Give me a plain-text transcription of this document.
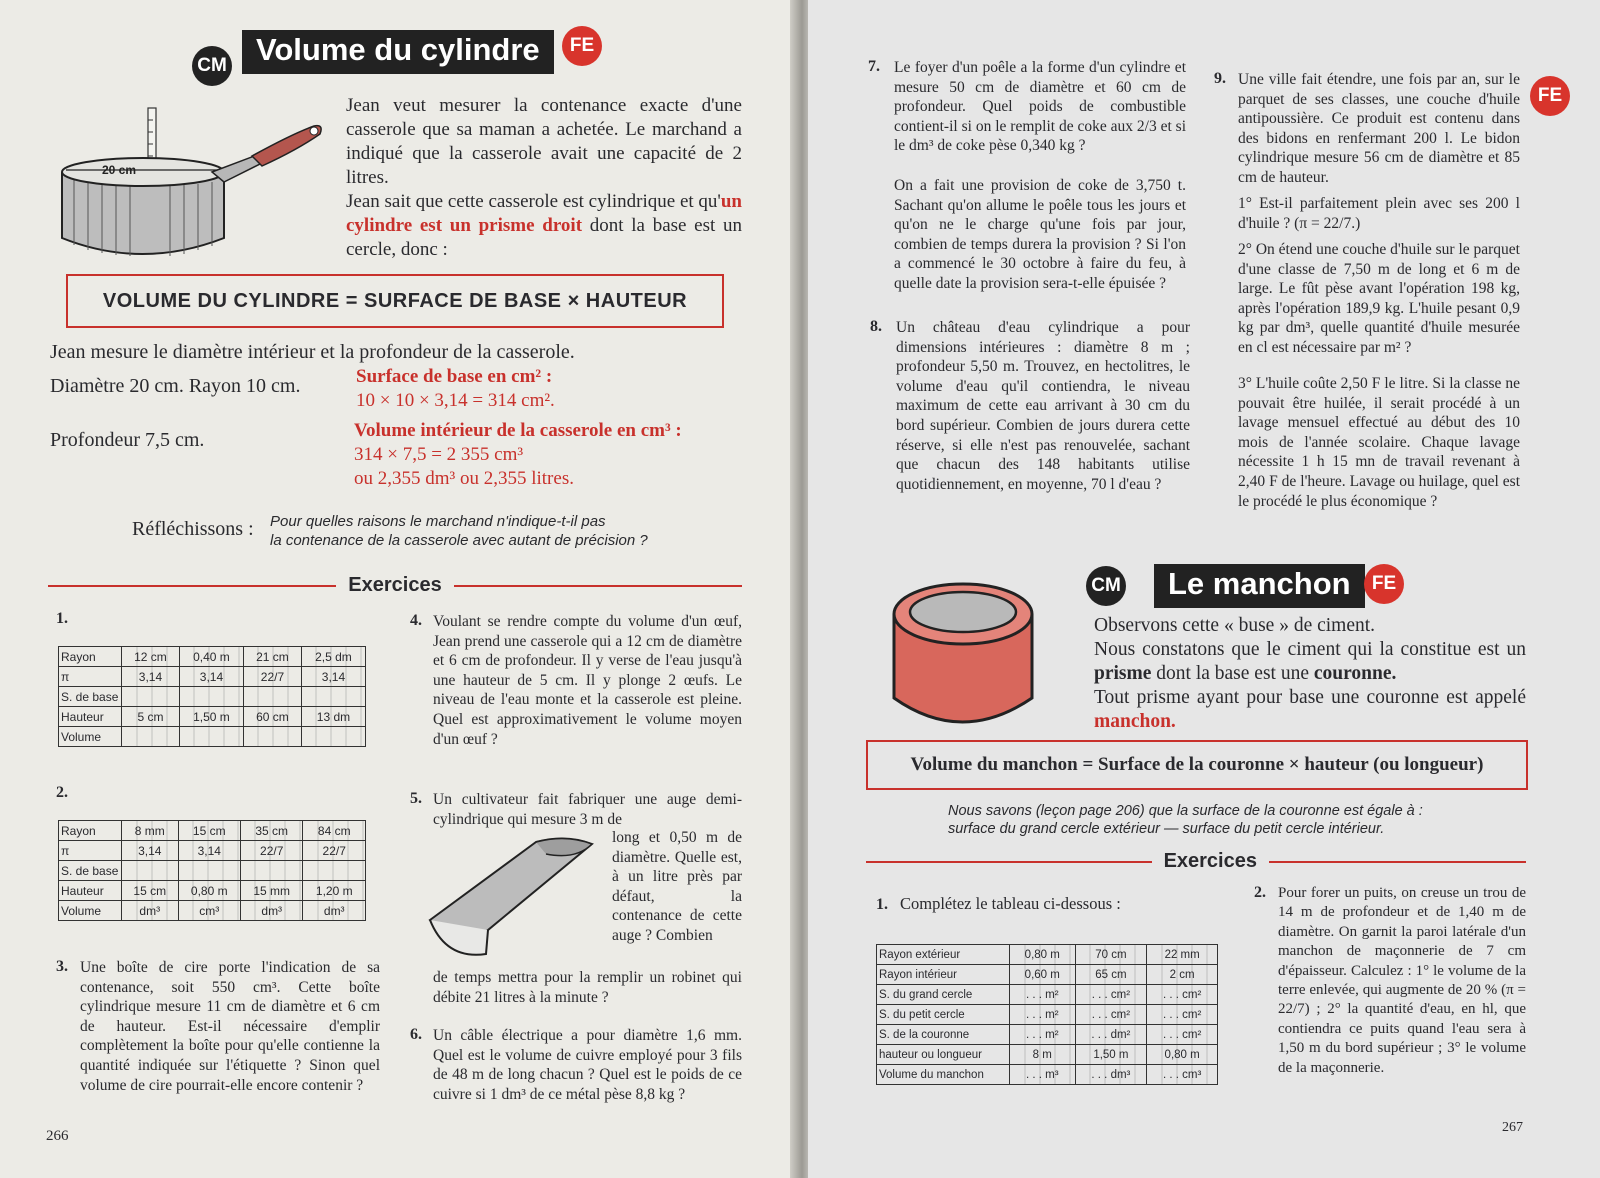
CM Volume du cylindre	FE
20 cm
Jean veut mesurer la contenance exacte d'une casserole que sa maman a achetée. Le marchand a indiqué que la casserole avait une capacité de 2 litres.
Jean sait que cette casserole est cylindrique et qu'un cylindre est un prisme droit dont la base est un cercle, donc :
VOLUME DU CYLINDRE = SURFACE DE BASE × HAUTEUR
Jean mesure le diamètre intérieur et la profondeur de la casserole.
Diamètre 20 cm. Rayon 10 cm.	Surface de base en cm² :
10 × 10 × 3,14 = 314 cm².
Profondeur 7,5 cm.	Volume intérieur de la casserole en cm³ :
314 × 7,5 = 2 355 cm³
ou 2,355 dm³ ou 2,355 litres.
Réfléchissons : Pour quelles raisons le marchand n'indique-t-il pas
la contenance de la casserole avec autant de précision ?
Exercices
1.
Rayon	12 cm	0,40 m	21 cm	2,5 dm
π	3,14	3,14	22/7	3,14
S. de base				
Hauteur	5 cm	1,50 m	60 cm	13 dm
Volume				
2.
Rayon	8 mm	15 cm	35 cm	84 cm
π	3,14	3,14	22/7	22/7
S. de base				
Hauteur	15 cm	0,80 m	15 mm	1,20 m
Volume	dm³	cm³	dm³	dm³
3. Une boîte de cire porte l'indication de sa contenance, soit 550 cm³. Cette boîte cylindrique mesure 11 cm de diamètre et 6 cm de hauteur. Est-il nécessaire d'emplir complètement la boîte pour qu'elle contienne la quantité indiquée sur l'étiquette ? Sinon quel volume de cire pourrait-elle encore contenir ?
4. Voulant se rendre compte du volume d'un œuf, Jean prend une casserole qui a 12 cm de diamètre et 6 cm de profondeur. Il y verse de l'eau jusqu'à une hauteur de 5 cm. Il y plonge 2 œufs. Le niveau de l'eau monte et la casserole est pleine. Quel est approximativement le volume moyen d'un œuf ?
5. Un cultivateur fait fabriquer une auge demi-cylindrique qui mesure 3 m de
long et 0,50 m de diamètre. Quelle est, à un litre près par défaut, la contenance de cette auge ? Combien
de temps mettra pour la remplir un robinet qui débite 21 litres à la minute ?
6. Un câble électrique a pour diamètre 1,6 mm. Quel est le volume de cuivre employé pour 3 fils de 48 m de long chacun ? Quel est le poids de ce cuivre si 1 dm³ de ce métal pèse 8,8 kg ?
266
7. Le foyer d'un poêle a la forme d'un cylindre et mesure 50 cm de diamètre et 60 cm de profondeur. Quel poids de combustible contient-il si on le remplit de coke aux 2/3 et si le dm³ de coke pèse 0,340 kg ?
On a fait une provision de coke de 3,750 t. Sachant qu'on allume le poêle tous les jours et qu'on ne le charge qu'une fois par jour, combien de temps durera la provision ? Si l'on a commencé le 30 octobre à faire du feu, à quelle date la provision sera-t-elle épuisée ?
8. Un château d'eau cylindrique a pour dimensions intérieures : diamètre 8 m ; profondeur 5,50 m. Trouvez, en hectolitres, le volume d'eau qu'il contiendra, le niveau maximum de cette eau arrivant à 30 cm du bord supérieur. Combien de jours durera cette réserve, si elle n'est pas renouvelée, sachant que chacun des 148 habitants utilise quotidiennement, en moyenne, 70 l d'eau ?
9. Une ville fait étendre, une fois par an, sur le parquet de ses classes, une couche d'huile antipoussière. Ce produit est contenu dans des bidons en renfermant 200 l. Le bidon cylindrique mesure 56 cm de diamètre et 85 cm de hauteur.
1° Est-il parfaitement plein avec ses 200 l d'huile ? (π = 22/7.)
2° On étend une couche d'huile sur le parquet d'une classe de 7,50 m de long et 6 m de large. Le fût pèse avant l'opération 198 kg, après l'opération 189,9 kg. L'huile pesant 0,9 kg par dm³, quelle quantité d'huile mesurée en cl est nécessaire par m² ?
3° L'huile coûte 2,50 F le litre. Si la classe ne pouvait être huilée, il serait procédé à un lavage mensuel effectué au début des 10 mois de l'année scolaire. Chaque lavage nécessite 1 h 15 mn de travail revenant à 2,40 F de l'heure. Lavage ou huilage, quel est le procédé le plus économique ?
FE
CM	Le manchon	FE
Observons cette « buse » de ciment.
Nous constatons que le ciment qui la constitue est un prisme dont la base est une couronne.
Tout prisme ayant pour base une couronne est appelé manchon.
Volume du manchon = Surface de la couronne × hauteur (ou longueur)
Nous savons (leçon page 206) que la surface de la couronne est égale à :
surface du grand cercle extérieur — surface du petit cercle intérieur.
Exercices
1. Complétez le tableau ci-dessous :
Rayon extérieur	0,80 m	70 cm	22 mm
Rayon intérieur	0,60 m	65 cm	2 cm
S. du grand cercle	. . . m²	. . . cm²	. . . cm²
S. du petit cercle	. . . m²	. . . cm²	. . . cm²
S. de la couronne	. . . m²	. . . dm²	. . . cm²
hauteur ou longueur	8 m	1,50 m	0,80 m
Volume du manchon	. . . m³	. . . dm³	. . . cm³
2. Pour forer un puits, on creuse un trou de 14 m de profondeur et de 1,40 m de diamètre. On garnit la paroi latérale d'un manchon de maçonnerie de 7 cm d'épaisseur. Calculez : 1° le volume de la terre enlevée, qui augmente de 20 % (π = 22/7) ; 2° la quantité d'eau, en hl, que contiendra ce puits quand l'eau sera à 1,50 m du bord supérieur ; 3° le volume de la maçonnerie.
267
